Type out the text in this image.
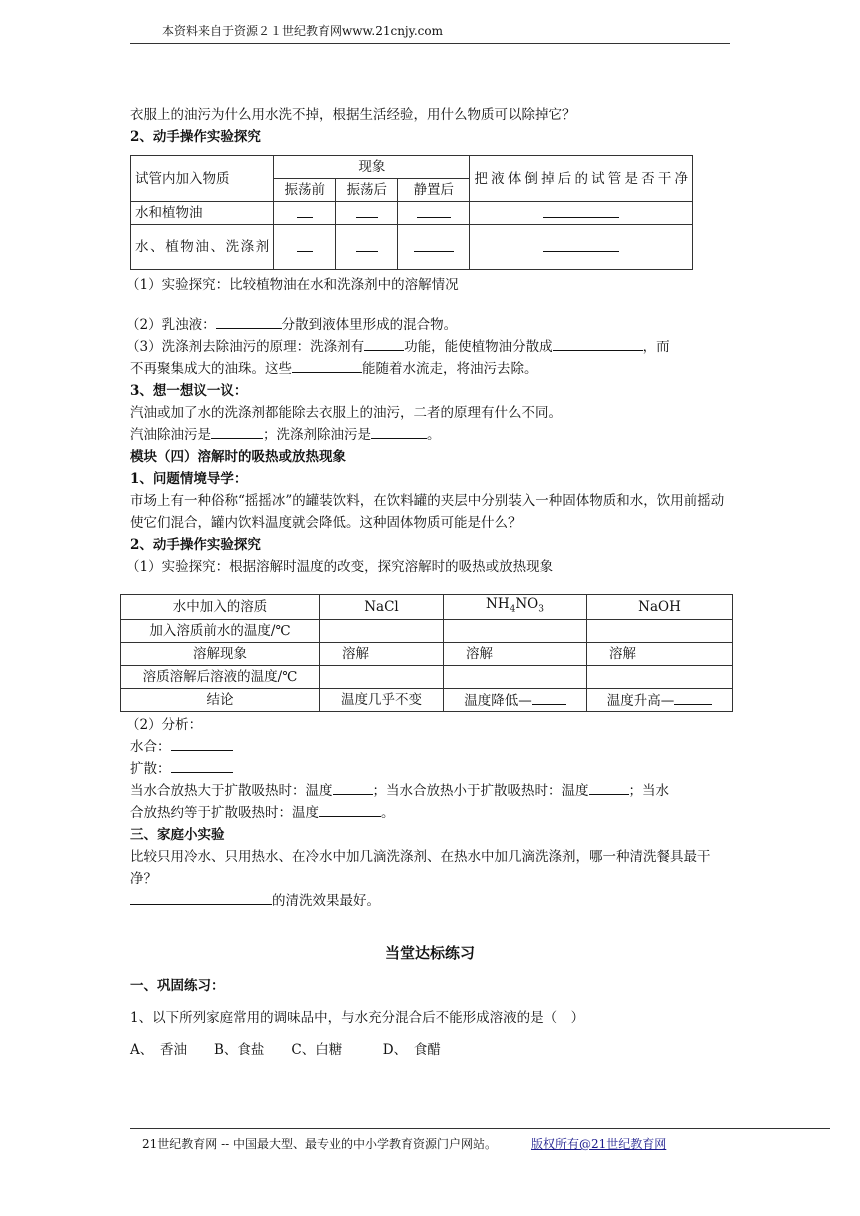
本资料来自于资源２１世纪教育网www.21cnjy.com

衣服上的油污为什么用水洗不掉，根据生活经验，用什么物质可以除掉它？

2、动手操作实验探究

试管内加入物质	现象			把液体倒掉后的试管是否干净
	振荡前	振荡后	静置后	
水和植物油				
水、植物油、洗涤剂				

（1）实验探究：比较植物油在水和洗涤剂中的溶解情况

（2）乳浊液：	分散到液体里形成的混合物。

（3）洗涤剂去除油污的原理：洗涤剂有	功能，能使植物油分散成	，而

不再聚集成大的油珠。这些	能随着水流走，将油污去除。

3、想一想议一议：

汽油或加了水的洗涤剂都能除去衣服上的油污，二者的原理有什么不同。

汽油除油污是	；洗涤剂除油污是	。

模块（四）溶解时的吸热或放热现象

1、问题情境导学：

市场上有一种俗称“摇摇冰”的罐装饮料，在饮料罐的夹层中分别装入一种固体物质和水，饮用前摇动使它们混合，罐内饮料温度就会降低。这种固体物质可能是什么？

2、动手操作实验探究

（1）实验探究：根据溶解时温度的改变，探究溶解时的吸热或放热现象

水中加入的溶质	NaCl	$NH_4NO_3$	NaOH
加入溶质前水的温度/℃			
溶解现象	溶解	溶解	溶解
溶质溶解后溶液的温度/℃			
结论	温度几乎不变	温度降低—	温度升高—

（2）分析：

水合：

扩散：

当水合放热大于扩散吸热时：温度	；当水合放热小于扩散吸热时：温度	；当水

合放热约等于扩散吸热时：温度	。

三、家庭小实验

比较只用冷水、只用热水、在冷水中加几滴洗涤剂、在热水中加几滴洗涤剂，哪一种清洗餐具最干净？

的清洗效果最好。

当堂达标练习

一、巩固练习：

1、以下所列家庭常用的调味品中，与水充分混合后不能形成溶液的是（　）

A、　香油　　B、食盐　　C、白糖　　　D、　食醋

21世纪教育网 -- 中国最大型、最专业的中小学教育资源门户网站。	版权所有@21世纪教育网
